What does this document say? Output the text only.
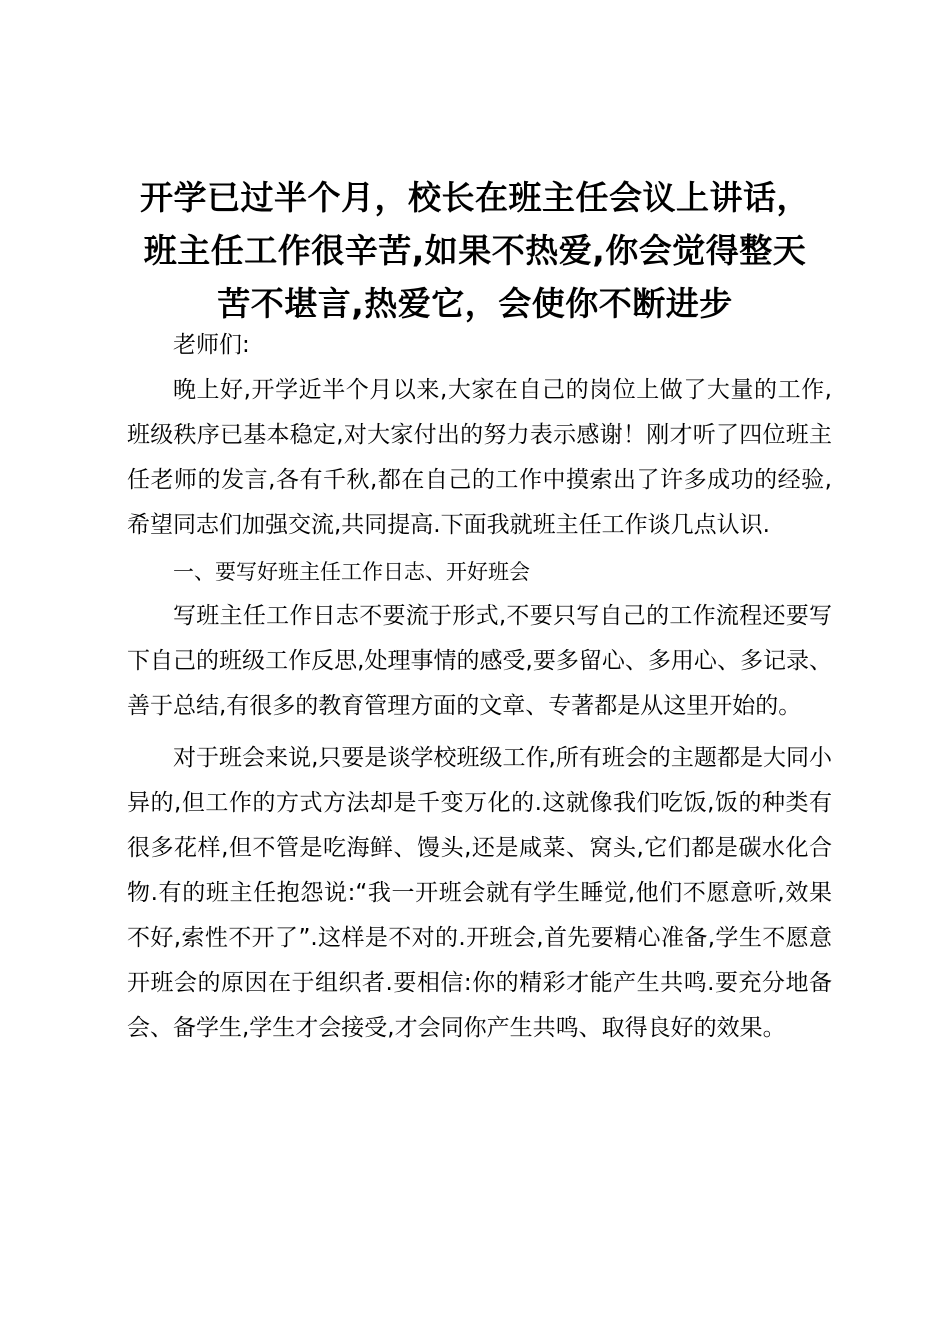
开学已过半个月，校长在班主任会议上讲话，
班主任工作很辛苦,如果不热爱,你会觉得整天
苦不堪言,热爱它，会使你不断进步
老师们:

晚上好,开学近半个月以来,大家在自己的岗位上做了大量的工作,班级秩序已基本稳定,对大家付出的努力表示感谢！刚才听了四位班主任老师的发言,各有千秋,都在自己的工作中摸索出了许多成功的经验,希望同志们加强交流,共同提高.下面我就班主任工作谈几点认识.

一、要写好班主任工作日志、开好班会

写班主任工作日志不要流于形式,不要只写自己的工作流程还要写下自己的班级工作反思,处理事情的感受,要多留心、多用心、多记录、善于总结,有很多的教育管理方面的文章、专著都是从这里开始的。

对于班会来说,只要是谈学校班级工作,所有班会的主题都是大同小异的,但工作的方式方法却是千变万化的.这就像我们吃饭,饭的种类有很多花样,但不管是吃海鲜、馒头,还是咸菜、窝头,它们都是碳水化合物.有的班主任抱怨说:“我一开班会就有学生睡觉,他们不愿意听,效果不好,索性不开了”.这样是不对的.开班会,首先要精心准备,学生不愿意开班会的原因在于组织者.要相信:你的精彩才能产生共鸣.要充分地备会、备学生,学生才会接受,才会同你产生共鸣、取得良好的效果。
